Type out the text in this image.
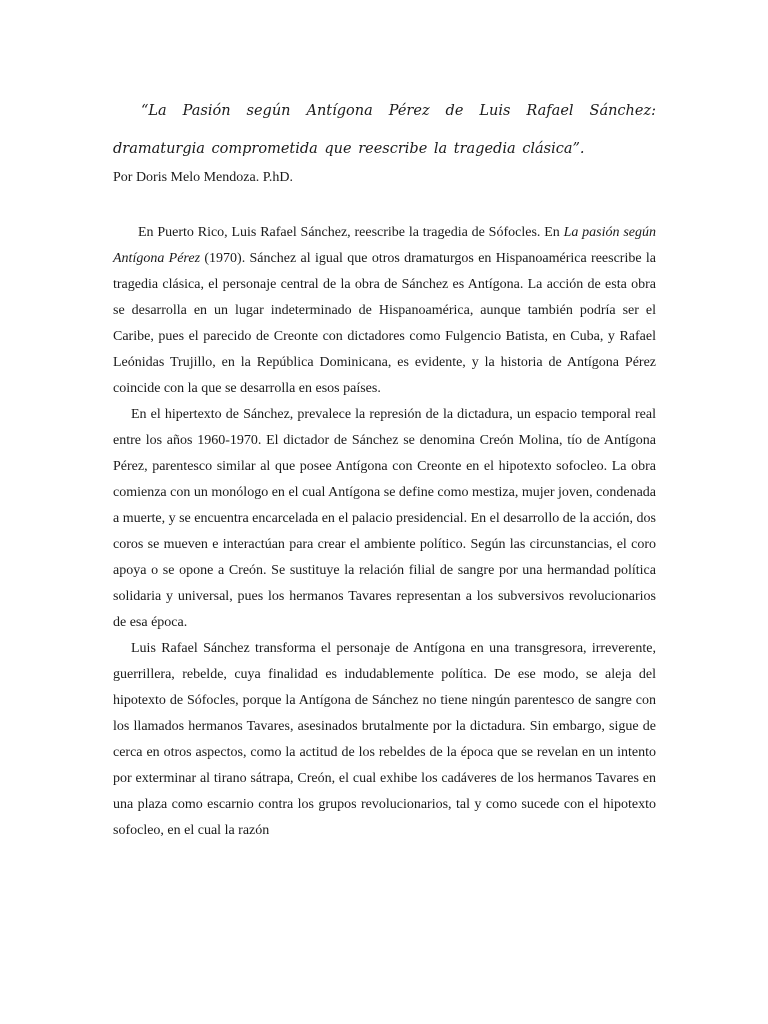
“La Pasión según Antígona Pérez de Luis Rafael Sánchez: dramaturgia comprometida que reescribe la tragedia clásica”.

Por Doris Melo Mendoza. P.hD.

En Puerto Rico, Luis Rafael Sánchez, reescribe la tragedia de Sófocles. En La pasión según Antígona Pérez (1970). Sánchez al igual que otros dramaturgos en Hispanoamérica reescribe la tragedia clásica, el personaje central de la obra de Sánchez es Antígona. La acción de esta obra se desarrolla en un lugar indeterminado de Hispanoamérica, aunque también podría ser el Caribe, pues el parecido de Creonte con dictadores como Fulgencio Batista, en Cuba, y Rafael Leónidas Trujillo, en la República Dominicana, es evidente, y la historia de Antígona Pérez coincide con la que se desarrolla en esos países.

En el hipertexto de Sánchez, prevalece la represión de la dictadura, un espacio temporal real entre los años 1960-1970. El dictador de Sánchez se denomina Creón Molina, tío de Antígona Pérez, parentesco similar al que posee Antígona con Creonte en el hipotexto sofocleo. La obra comienza con un monólogo en el cual Antígona se define como mestiza, mujer joven, condenada a muerte, y se encuentra encarcelada en el palacio presidencial. En el desarrollo de la acción, dos coros se mueven e interactúan para crear el ambiente político. Según las circunstancias, el coro apoya o se opone a Creón. Se sustituye la relación filial de sangre por una hermandad política solidaria y universal, pues los hermanos Tavares representan a los subversivos revolucionarios de esa época.

Luis Rafael Sánchez transforma el personaje de Antígona en una transgresora, irreverente, guerrillera, rebelde, cuya finalidad es indudablemente política. De ese modo, se aleja del hipotexto de Sófocles, porque la Antígona de Sánchez no tiene ningún parentesco de sangre con los llamados hermanos Tavares, asesinados brutalmente por la dictadura. Sin embargo, sigue de cerca en otros aspectos, como la actitud de los rebeldes de la época que se revelan en un intento por exterminar al tirano sátrapa, Creón, el cual exhibe los cadáveres de los hermanos Tavares en una plaza como escarnio contra los grupos revolucionarios, tal y como sucede con el hipotexto sofocleo, en el cual la razón
